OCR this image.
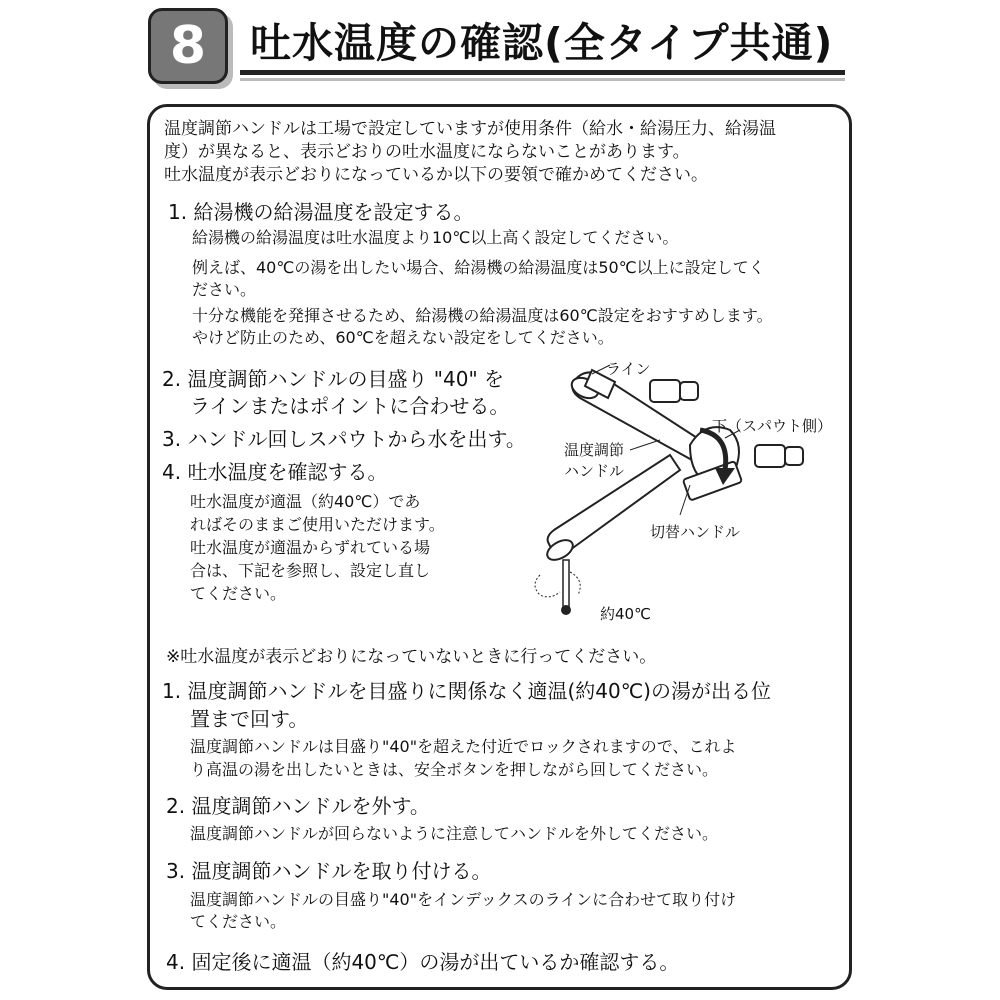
8	吐水温度の確認(全タイプ共通)
温度調節ハンドルは工場で設定していますが使用条件（給水・給湯圧力、給湯温
度）が異なると、表示どおりの吐水温度にならないことがあります。
吐水温度が表示どおりになっているか以下の要領で確かめてください。
1. 給湯機の給湯温度を設定する。
給湯機の給湯温度は吐水温度より10℃以上高く設定してください。
例えば、40℃の湯を出したい場合、給湯機の給湯温度は50℃以上に設定してく
ださい。
十分な機能を発揮させるため、給湯機の給湯温度は60℃設定をおすすめします。
やけど防止のため、60℃を超えない設定をしてください。
2. 温度調節ハンドルの目盛り "40" を
ラインまたはポイントに合わせる。
3. ハンドル回しスパウトから水を出す。
4. 吐水温度を確認する。
吐水温度が適温（約40℃）であ
ればそのままご使用いただけます。
吐水温度が適温からずれている場
合は、下記を参照し、設定し直し
てください。
ライン
下（スパウト側）
温度調節
ハンドル
切替ハンドル
約40℃
※吐水温度が表示どおりになっていないときに行ってください。
1. 温度調節ハンドルを目盛りに関係なく適温(約40℃)の湯が出る位
置まで回す。
温度調節ハンドルは目盛り"40"を超えた付近でロックされますので、これよ
り高温の湯を出したいときは、安全ボタンを押しながら回してください。
2. 温度調節ハンドルを外す。
温度調節ハンドルが回らないように注意してハンドルを外してください。
3. 温度調節ハンドルを取り付ける。
温度調節ハンドルの目盛り"40"をインデックスのラインに合わせて取り付け
てください。
4. 固定後に適温（約40℃）の湯が出ているか確認する。
